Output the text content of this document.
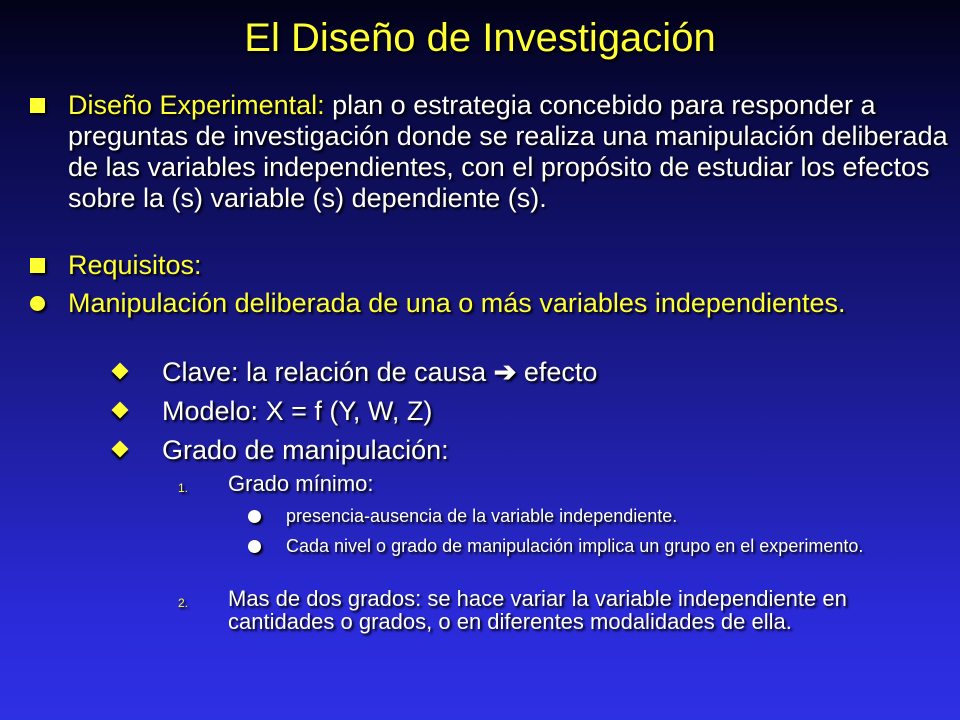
El Diseño de Investigación
Diseño Experimental: plan o estrategia concebido para responder a preguntas de investigación donde se realiza una manipulación deliberada de las variables independientes, con el propósito de estudiar los efectos sobre la (s) variable (s) dependiente (s).
Requisitos:
Manipulación deliberada de una o más variables independientes.
Clave: la relación de causa ➔ efecto
Modelo: X = f (Y, W, Z)
Grado de manipulación:
1. Grado mínimo:
presencia-ausencia de la variable independiente.
Cada nivel o grado de manipulación implica un grupo en el experimento.
2. Mas de dos grados: se hace variar la variable independiente en cantidades o grados, o en diferentes modalidades de ella.
